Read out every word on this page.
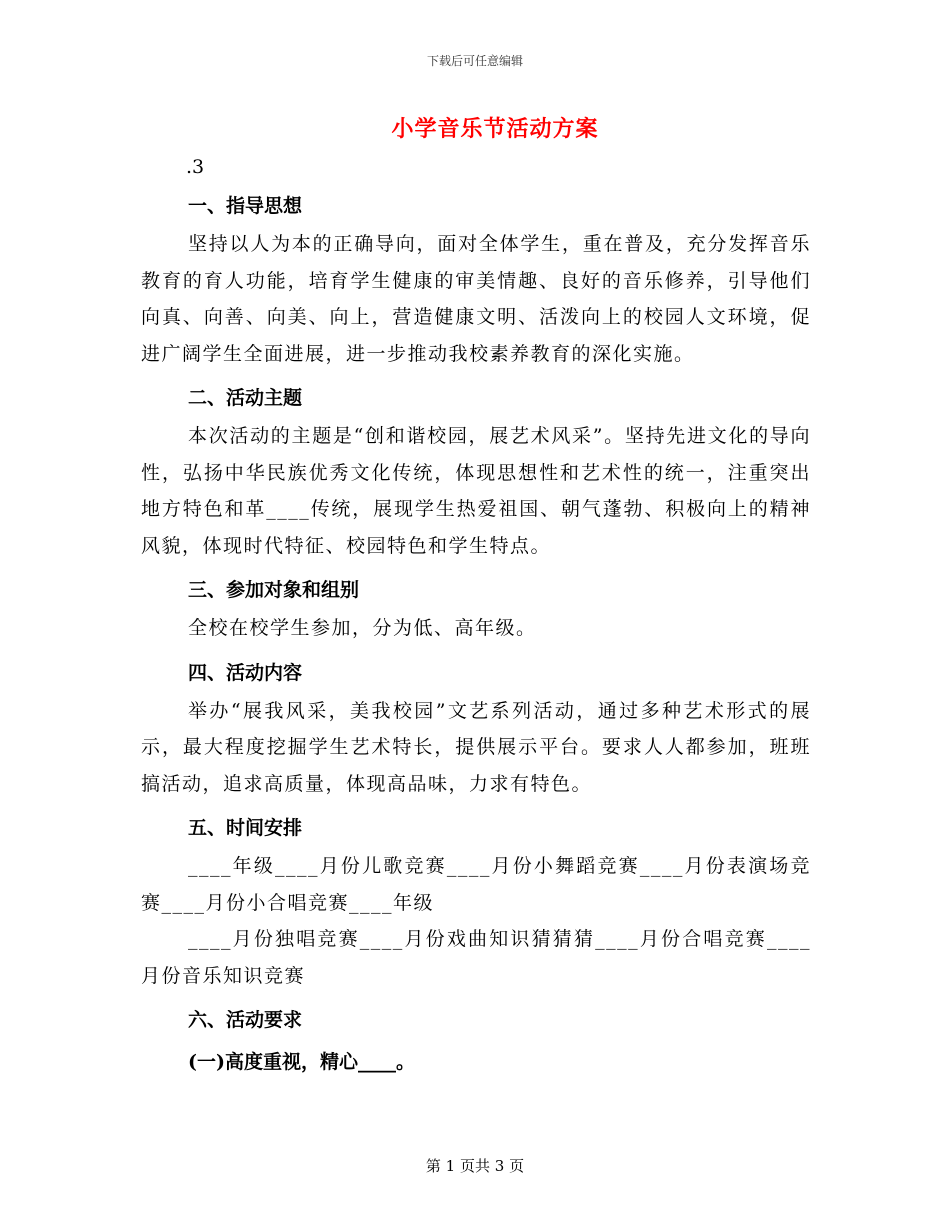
下载后可任意编辑
小学音乐节活动方案
.3
一、指导思想

坚持以人为本的正确导向，面对全体学生，重在普及，充分发挥音乐教育的育人功能，培育学生健康的审美情趣、良好的音乐修养，引导他们向真、向善、向美、向上，营造健康文明、活泼向上的校园人文环境，促进广阔学生全面进展，进一步推动我校素养教育的深化实施。

二、活动主题

本次活动的主题是“创和谐校园，展艺术风采”。坚持先进文化的导向性，弘扬中华民族优秀文化传统，体现思想性和艺术性的统一，注重突出地方特色和革____传统，展现学生热爱祖国、朝气蓬勃、积极向上的精神风貌，体现时代特征、校园特色和学生特点。

三、参加对象和组别

全校在校学生参加，分为低、高年级。

四、活动内容

举办“展我风采，美我校园”文艺系列活动，通过多种艺术形式的展示，最大程度挖掘学生艺术特长，提供展示平台。要求人人都参加，班班搞活动，追求高质量，体现高品味，力求有特色。

五、时间安排

____年级____月份儿歌竞赛____月份小舞蹈竞赛____月份表演场竞赛____月份小合唱竞赛____年级

____月份独唱竞赛____月份戏曲知识猜猜猜____月份合唱竞赛____月份音乐知识竞赛

六、活动要求
(一)高度重视，精心____。
第 1 页共 3 页
